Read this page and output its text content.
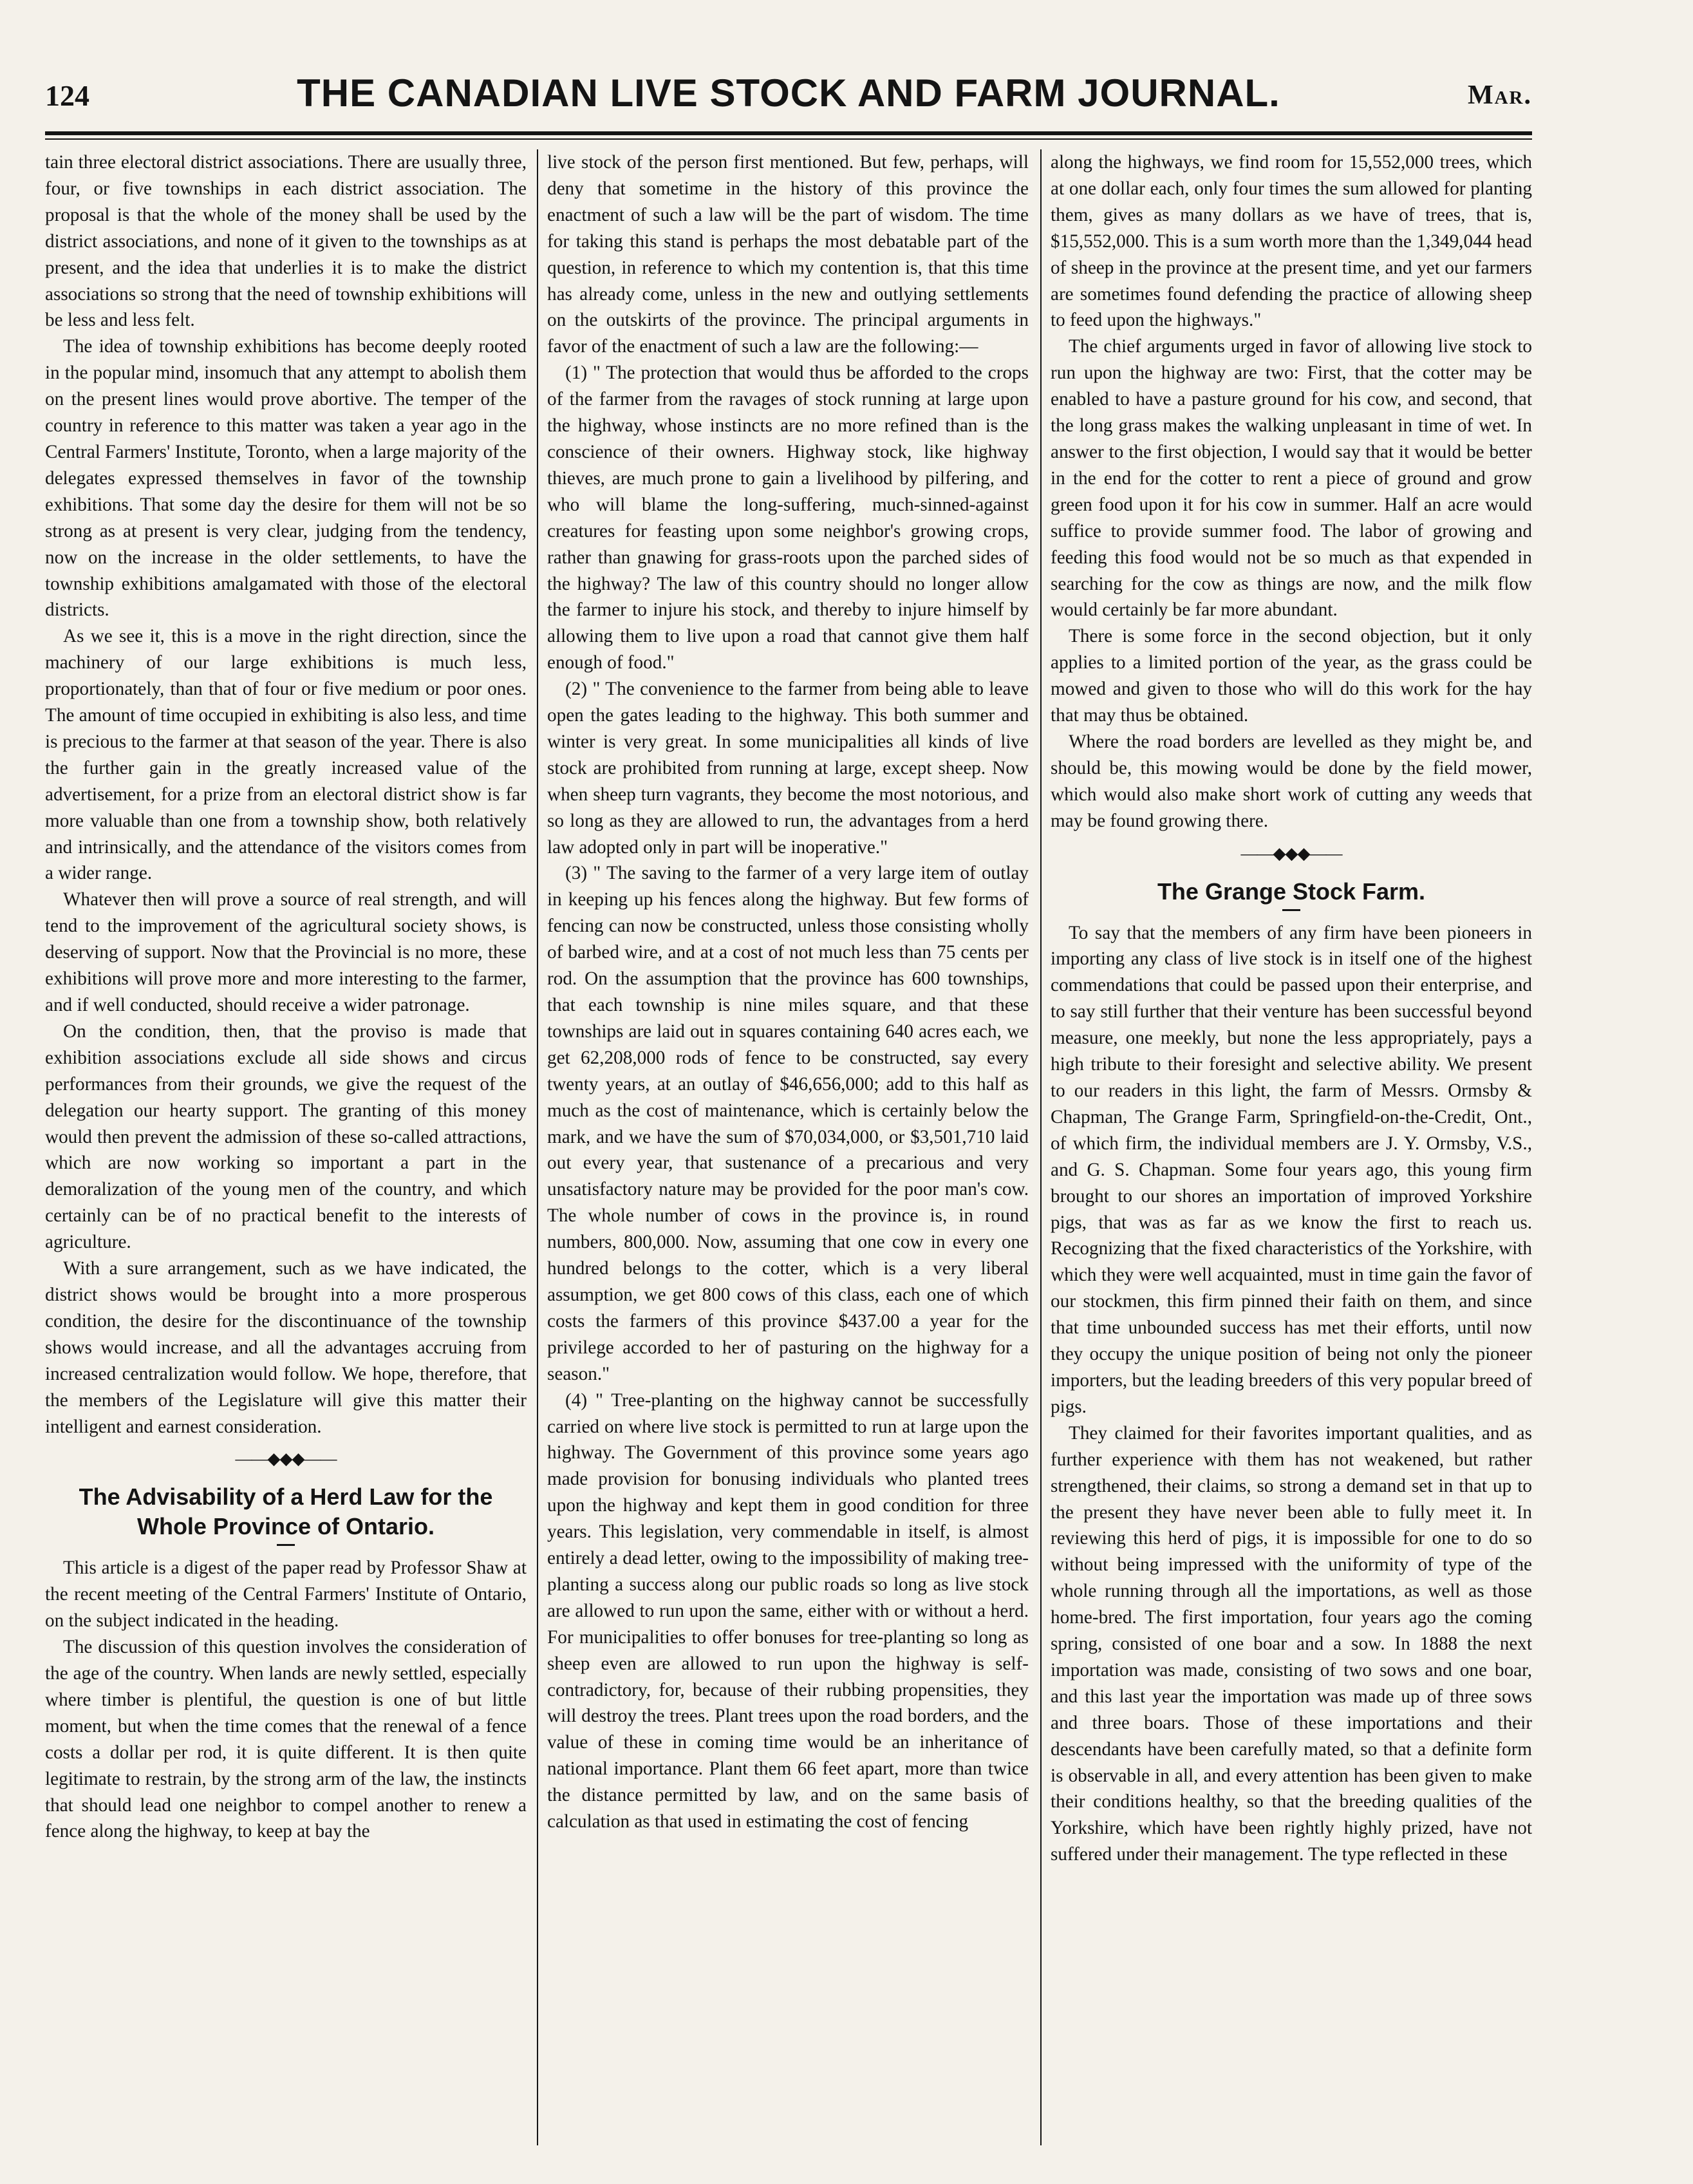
124	THE CANADIAN LIVE STOCK AND FARM JOURNAL.	Mar.

tain three electoral district associations. There are usually three, four, or five townships in each district association. The proposal is that the whole of the money shall be used by the district associations, and none of it given to the townships as at present, and the idea that underlies it is to make the district associations so strong that the need of township exhibitions will be less and less felt.

The idea of township exhibitions has become deeply rooted in the popular mind, insomuch that any attempt to abolish them on the present lines would prove abortive. The temper of the country in reference to this matter was taken a year ago in the Central Farmers' Institute, Toronto, when a large majority of the delegates expressed themselves in favor of the township exhibitions. That some day the desire for them will not be so strong as at present is very clear, judging from the tendency, now on the increase in the older settlements, to have the township exhibitions amalgamated with those of the electoral districts.

As we see it, this is a move in the right direction, since the machinery of our large exhibitions is much less, proportionately, than that of four or five medium or poor ones. The amount of time occupied in exhibiting is also less, and time is precious to the farmer at that season of the year. There is also the further gain in the greatly increased value of the advertisement, for a prize from an electoral district show is far more valuable than one from a township show, both relatively and intrinsically, and the attendance of the visitors comes from a wider range.

Whatever then will prove a source of real strength, and will tend to the improvement of the agricultural society shows, is deserving of support. Now that the Provincial is no more, these exhibitions will prove more and more interesting to the farmer, and if well conducted, should receive a wider patronage.

On the condition, then, that the proviso is made that exhibition associations exclude all side shows and circus performances from their grounds, we give the request of the delegation our hearty support. The granting of this money would then prevent the admission of these so-called attractions, which are now working so important a part in the demoralization of the young men of the country, and which certainly can be of no practical benefit to the interests of agriculture.

With a sure arrangement, such as we have indicated, the district shows would be brought into a more prosperous condition, the desire for the discontinuance of the township shows would increase, and all the advantages accruing from increased centralization would follow. We hope, therefore, that the members of the Legislature will give this matter their intelligent and earnest consideration.

——◆◆◆——
The Advisability of a Herd Law for the Whole Province of Ontario.

This article is a digest of the paper read by Professor Shaw at the recent meeting of the Central Farmers' Institute of Ontario, on the subject indicated in the heading.

The discussion of this question involves the consideration of the age of the country. When lands are newly settled, especially where timber is plentiful, the question is one of but little moment, but when the time comes that the renewal of a fence costs a dollar per rod, it is quite different. It is then quite legitimate to restrain, by the strong arm of the law, the instincts that should lead one neighbor to compel another to renew a fence along the highway, to keep at bay the

live stock of the person first mentioned. But few, perhaps, will deny that sometime in the history of this province the enactment of such a law will be the part of wisdom. The time for taking this stand is perhaps the most debatable part of the question, in reference to which my contention is, that this time has already come, unless in the new and outlying settlements on the outskirts of the province. The principal arguments in favor of the enactment of such a law are the following:—

(1) " The protection that would thus be afforded to the crops of the farmer from the ravages of stock running at large upon the highway, whose instincts are no more refined than is the conscience of their owners. Highway stock, like highway thieves, are much prone to gain a livelihood by pilfering, and who will blame the long-suffering, much-sinned-against creatures for feasting upon some neighbor's growing crops, rather than gnawing for grass-roots upon the parched sides of the highway? The law of this country should no longer allow the farmer to injure his stock, and thereby to injure himself by allowing them to live upon a road that cannot give them half enough of food."

(2) " The convenience to the farmer from being able to leave open the gates leading to the highway. This both summer and winter is very great. In some municipalities all kinds of live stock are prohibited from running at large, except sheep. Now when sheep turn vagrants, they become the most notorious, and so long as they are allowed to run, the advantages from a herd law adopted only in part will be inoperative."

(3) " The saving to the farmer of a very large item of outlay in keeping up his fences along the highway. But few forms of fencing can now be constructed, unless those consisting wholly of barbed wire, and at a cost of not much less than 75 cents per rod. On the assumption that the province has 600 townships, that each township is nine miles square, and that these townships are laid out in squares containing 640 acres each, we get 62,208,000 rods of fence to be constructed, say every twenty years, at an outlay of $46,656,000; add to this half as much as the cost of maintenance, which is certainly below the mark, and we have the sum of $70,034,000, or $3,501,710 laid out every year, that sustenance of a precarious and very unsatisfactory nature may be provided for the poor man's cow. The whole number of cows in the province is, in round numbers, 800,000. Now, assuming that one cow in every one hundred belongs to the cotter, which is a very liberal assumption, we get 800 cows of this class, each one of which costs the farmers of this province $437.00 a year for the privilege accorded to her of pasturing on the highway for a season."

(4) " Tree-planting on the highway cannot be successfully carried on where live stock is permitted to run at large upon the highway. The Government of this province some years ago made provision for bonusing individuals who planted trees upon the highway and kept them in good condition for three years. This legislation, very commendable in itself, is almost entirely a dead letter, owing to the impossibility of making tree-planting a success along our public roads so long as live stock are allowed to run upon the same, either with or without a herd. For municipalities to offer bonuses for tree-planting so long as sheep even are allowed to run upon the highway is self-contradictory, for, because of their rubbing propensities, they will destroy the trees. Plant trees upon the road borders, and the value of these in coming time would be an inheritance of national importance. Plant them 66 feet apart, more than twice the distance permitted by law, and on the same basis of calculation as that used in estimating the cost of fencing

along the highways, we find room for 15,552,000 trees, which at one dollar each, only four times the sum allowed for planting them, gives as many dollars as we have of trees, that is, $15,552,000. This is a sum worth more than the 1,349,044 head of sheep in the province at the present time, and yet our farmers are sometimes found defending the practice of allowing sheep to feed upon the highways."

The chief arguments urged in favor of allowing live stock to run upon the highway are two: First, that the cotter may be enabled to have a pasture ground for his cow, and second, that the long grass makes the walking unpleasant in time of wet. In answer to the first objection, I would say that it would be better in the end for the cotter to rent a piece of ground and grow green food upon it for his cow in summer. Half an acre would suffice to provide summer food. The labor of growing and feeding this food would not be so much as that expended in searching for the cow as things are now, and the milk flow would certainly be far more abundant.

There is some force in the second objection, but it only applies to a limited portion of the year, as the grass could be mowed and given to those who will do this work for the hay that may thus be obtained.

Where the road borders are levelled as they might be, and should be, this mowing would be done by the field mower, which would also make short work of cutting any weeds that may be found growing there.

——◆◆◆——
The Grange Stock Farm.

To say that the members of any firm have been pioneers in importing any class of live stock is in itself one of the highest commendations that could be passed upon their enterprise, and to say still further that their venture has been successful beyond measure, one meekly, but none the less appropriately, pays a high tribute to their foresight and selective ability. We present to our readers in this light, the farm of Messrs. Ormsby & Chapman, The Grange Farm, Springfield-on-the-Credit, Ont., of which firm, the individual members are J. Y. Ormsby, V.S., and G. S. Chapman. Some four years ago, this young firm brought to our shores an importation of improved Yorkshire pigs, that was as far as we know the first to reach us. Recognizing that the fixed characteristics of the Yorkshire, with which they were well acquainted, must in time gain the favor of our stockmen, this firm pinned their faith on them, and since that time unbounded success has met their efforts, until now they occupy the unique position of being not only the pioneer importers, but the leading breeders of this very popular breed of pigs.

They claimed for their favorites important qualities, and as further experience with them has not weakened, but rather strengthened, their claims, so strong a demand set in that up to the present they have never been able to fully meet it. In reviewing this herd of pigs, it is impossible for one to do so without being impressed with the uniformity of type of the whole running through all the importations, as well as those home-bred. The first importation, four years ago the coming spring, consisted of one boar and a sow. In 1888 the next importation was made, consisting of two sows and one boar, and this last year the importation was made up of three sows and three boars. Those of these importations and their descendants have been carefully mated, so that a definite form is observable in all, and every attention has been given to make their conditions healthy, so that the breeding qualities of the Yorkshire, which have been rightly highly prized, have not suffered under their management. The type reflected in these
